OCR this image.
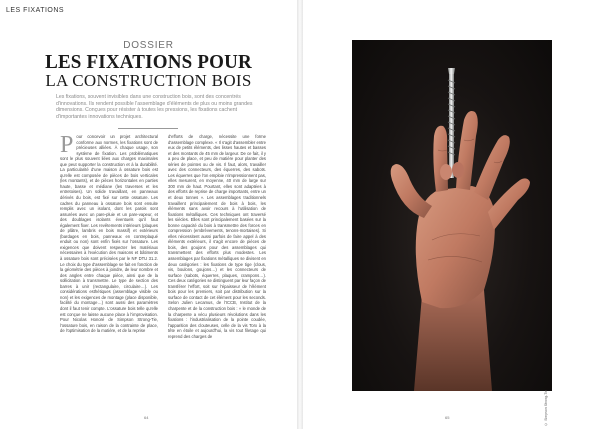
LES FIXATIONS
DOSSIER
LES FIXATIONS POUR
LA CONSTRUCTION BOIS
Les fixations, souvent invisibles dans une construction bois, sont des concentrés d'innovations. Ils rendent possible l'assemblage d'éléments de plus ou moins grandes dimensions. Conçues pour résister à toutes les pressions, les fixations cachent d'importantes innovations techniques.
P our concevoir un projet architectural conforme aux normes, les fixations sont de précieuses alliées. À chaque usage, son système de fixation. Les problématiques sont le plus souvent liées aux charges maximales que peut supporter la construction et à la durabilité. La particularité d'une maison à ossature bois est qu'elle est composée de pièces de bois verticales (les montants), et de pièces horizontales en parties haute, basse et médiane (les traverses et les entretoises). Un solide travaillant, en panneaux dérivés du bois, est fixé sur cette ossature. Les cadres du panneau à ossature bois sont ensuite remplis avec un isolant, dont les parois sont assurées avec un pare-pluie et un pare-vapeur, et des doublages isolants éventuels qu'il faut également fixer. Les revêtements intérieurs (plaques de plâtre, lambris en bois massif) et extérieurs (bardages en bois, panneaux en contreplaqué enduit ou non) sont enfin fixés sur l'ossature. Les exigences que doivent respecter les matériaux nécessaires à l'exécution des maisons et bâtiments à ossature bois sont précisées par le NF DTU 31.2. Le choix du type d'assemblage se fait en fonction de la géométrie des pièces à joindre, de leur nombre et des angles entre chaque pièce, ainsi que de la sollicitation à transmettre. Le type de section des barres à unir (rectangulaire, circulaire…). Les considérations esthétiques (assemblage visible ou non) et les exigences de montage (place disponible, facilité du montage…) sont aussi des paramètres dont il faut tenir compte. L'ossature bois telle qu'elle est conçue ne laisse aucune place à l'improvisation. Pour Nicolas Honoré de Simpson Strong-Tie, l'ossature bois, en raison de la contrainte de place, de l'optimisation de la matière, et de la reprise
d'efforts de charge, nécessite une forme d'assemblage complexe. « Il s'agit d'assembler entre eux de petits éléments, des lisses hautes et basses et des montants de 45 mm de largeur. De ce fait, il y a peu de place, et peu de matière pour planter des séries de pointes ou de vis. Il faut, alors, travailler avec des connecteurs, des équerres, des sabots. Les équerres que l'on emploie n'impressionnent pas, elles mesurent, en moyenne, 40 mm de large sur 300 mm de haut. Pourtant, elles sont adaptées à des efforts de reprise de charge importants, entre un et deux tonnes ». Les assemblages traditionnels travaillent principalement de bois à bois, les éléments sans avoir recours à l'utilisation de fixations métalliques. Ces techniques ont traversé les siècles. Elles sont principalement basées sur la bonne capacité du bois à transmettre des forces en compression (embrèvements, tenons-mortaises). Si elles nécessitent aussi parfois de faire appel à des éléments extérieurs, il s'agit encore de pièces de bois, des goujons pour des assemblages qui transmettent des efforts plus modestes. Les assemblages par fixations métalliques se divisent en deux catégories : les fixations de type tige (clous, vis, boulons, goujons…) et les connecteurs de surface (sabots, équerres, plaques, crampons…). Ces deux catégories se distinguent par leur façon de transférer l'effort, soit sur l'épaisseur de l'élément bois pour les premiers, soit par distribution sur la surface de contact de cet élément pour les seconds. Selon Julien Lecamus, de l'ICCB, Institut de la charpente et de la construction bois : « le monde de la charpente a vécu plusieurs révolutions dans les fixations : l'industrialisation de la pointe coudée, l'apparition des clouteuses, celle de la vis Torx à la tête en étoile et aujourd'hui, la vis tout filetage qui reprend des charges de
64	65	© Simpson Strong-Tie
